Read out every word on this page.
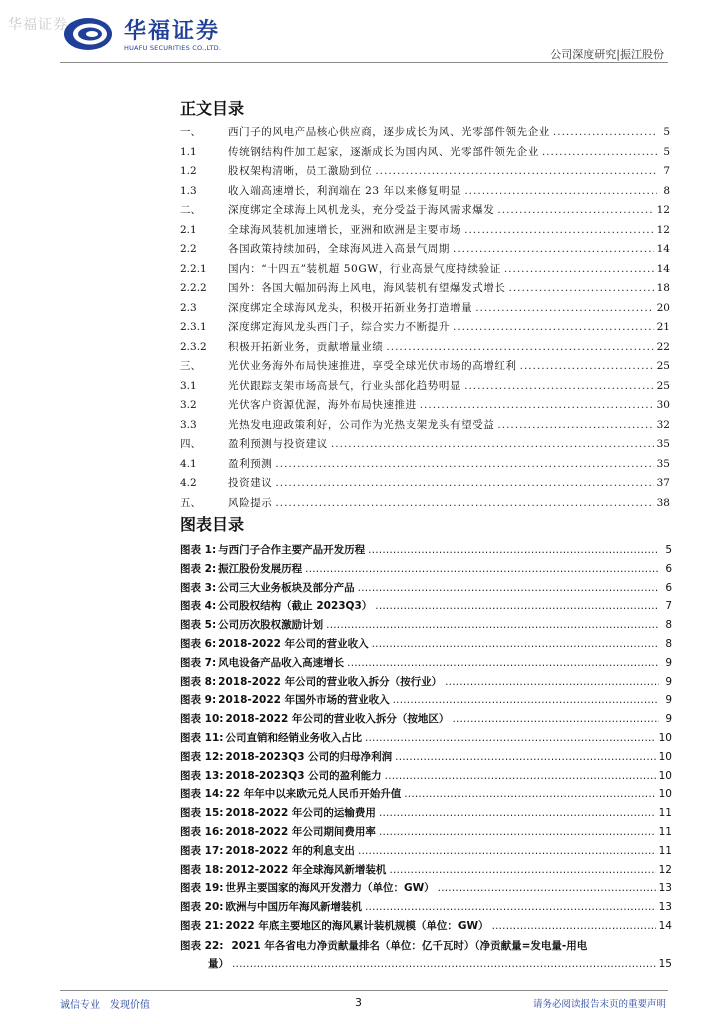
华福证券	华福证券
HUAFU SECURITIES CO.,LTD.	公司深度研究|振江股份
正文目录
一、	西门子的风电产品核心供应商，逐步成长为风、光零部件领先企业 .....	5
1.1	传统钢结构件加工起家，逐渐成长为国内风、光零部件领先企业 .....	5
1.2	股权架构清晰，员工激励到位 .....	7
1.3	收入端高速增长，利润端在 23 年以来修复明显 .....	8
二、	深度绑定全球海上风机龙头，充分受益于海风需求爆发 .....	12
2.1	全球海风装机加速增长，亚洲和欧洲是主要市场 .....	12
2.2	各国政策持续加码，全球海风进入高景气周期 .....	14
2.2.1	国内：“十四五”装机超 50GW，行业高景气度持续验证 .....	14
2.2.2	国外：各国大幅加码海上风电，海风装机有望爆发式增长 .....	18
2.3	深度绑定全球海风龙头，积极开拓新业务打造增量 .....	20
2.3.1	深度绑定海风龙头西门子，综合实力不断提升 .....	21
2.3.2	积极开拓新业务，贡献增量业绩 .....	22
三、	光伏业务海外布局快速推进，享受全球光伏市场的高增红利 .....	25
3.1	光伏跟踪支架市场高景气，行业头部化趋势明显 .....	25
3.2	光伏客户资源优渥，海外布局快速推进 .....	30
3.3	光热发电迎政策利好，公司作为光热支架龙头有望受益 .....	32
四、	盈利预测与投资建议 .....	35
4.1	盈利预测 .....	35
4.2	投资建议 .....	37
五、	风险提示 .....	38
图表目录
图表 1: 与西门子合作主要产品开发历程 .....	5
图表 2: 振江股份发展历程 .....	6
图表 3: 公司三大业务板块及部分产品 .....	6
图表 4: 公司股权结构（截止 2023Q3） .....	7
图表 5: 公司历次股权激励计划 .....	8
图表 6: 2018-2022 年公司的营业收入 .....	8
图表 7: 风电设备产品收入高速增长 .....	9
图表 8: 2018-2022 年公司的营业收入拆分（按行业） .....	9
图表 9: 2018-2022 年国外市场的营业收入 .....	9
图表 10: 2018-2022 年公司的营业收入拆分（按地区） .....	9
图表 11: 公司直销和经销业务收入占比 .....	10
图表 12: 2018-2023Q3 公司的归母净利润 .....	10
图表 13: 2018-2023Q3 公司的盈利能力 .....	10
图表 14: 22 年年中以来欧元兑人民币开始升值 .....	10
图表 15: 2018-2022 年公司的运输费用 .....	11
图表 16: 2018-2022 年公司期间费用率 .....	11
图表 17: 2018-2022 年的利息支出 .....	11
图表 18: 2012-2022 年全球海风新增装机 .....	12
图表 19: 世界主要国家的海风开发潜力（单位：GW） .....	13
图表 20: 欧洲与中国历年海风新增装机 .....	13
图表 21: 2022 年底主要地区的海风累计装机规模（单位：GW） .....	14
图表 22: 2021 年各省电力净贡献量排名（单位：亿千瓦时）（净贡献量=发电量-用电
量） .....	15
诚信专业　发现价值	3	请务必阅读报告末页的重要声明
